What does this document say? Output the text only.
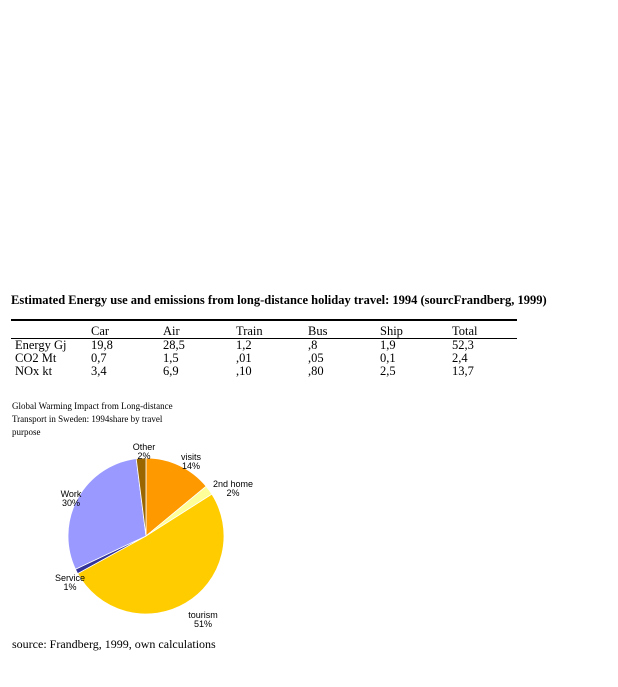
Estimated Energy use and emissions from long-distance holiday travel: 1994 (sourcFrandberg, 1999)
	Car	Air	Train	Bus	Ship	Total
Energy Gj	19,8	28,5	1,2	,8	1,9	52,3
CO2 Mt	0,7	1,5	,01	,05	0,1	2,4
NOx kt	3,4	6,9	,10	,80	2,5	13,7
Global Warming Impact from Long-distance
Transport in Sweden: 1994share by travel
purpose
visits 14%
2nd home 2%
tourism 51%
Service 1%
Work 30%
Other 2%
source: Frandberg, 1999, own calculations
